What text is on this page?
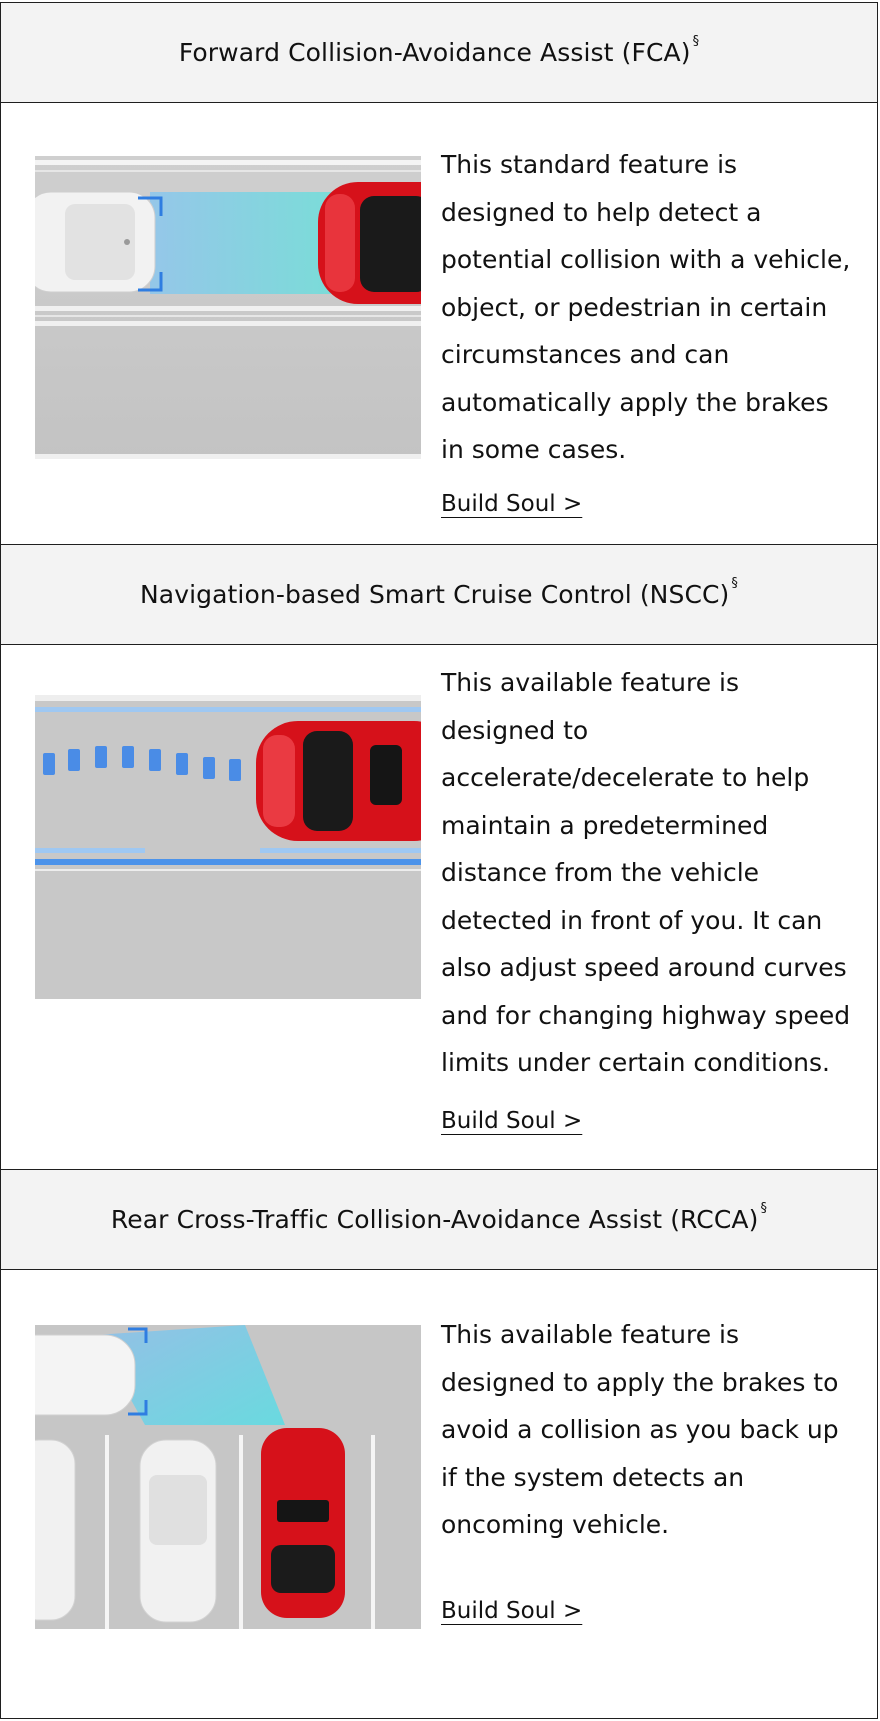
Forward Collision-Avoidance Assist (FCA) §
This standard feature is designed to help detect a potential collision with a vehicle, object, or pedestrian in certain circumstances and can automatically apply the brakes in some cases.
Build Soul >
Navigation-based Smart Cruise Control (NSCC) §
This available feature is designed to accelerate/decelerate to help maintain a predetermined distance from the vehicle detected in front of you. It can also adjust speed around curves and for changing highway speed limits under certain conditions.
Build Soul >
Rear Cross-Traffic Collision-Avoidance Assist (RCCA) §
This available feature is designed to apply the brakes to avoid a collision as you back up if the system detects an oncoming vehicle.
Build Soul >
